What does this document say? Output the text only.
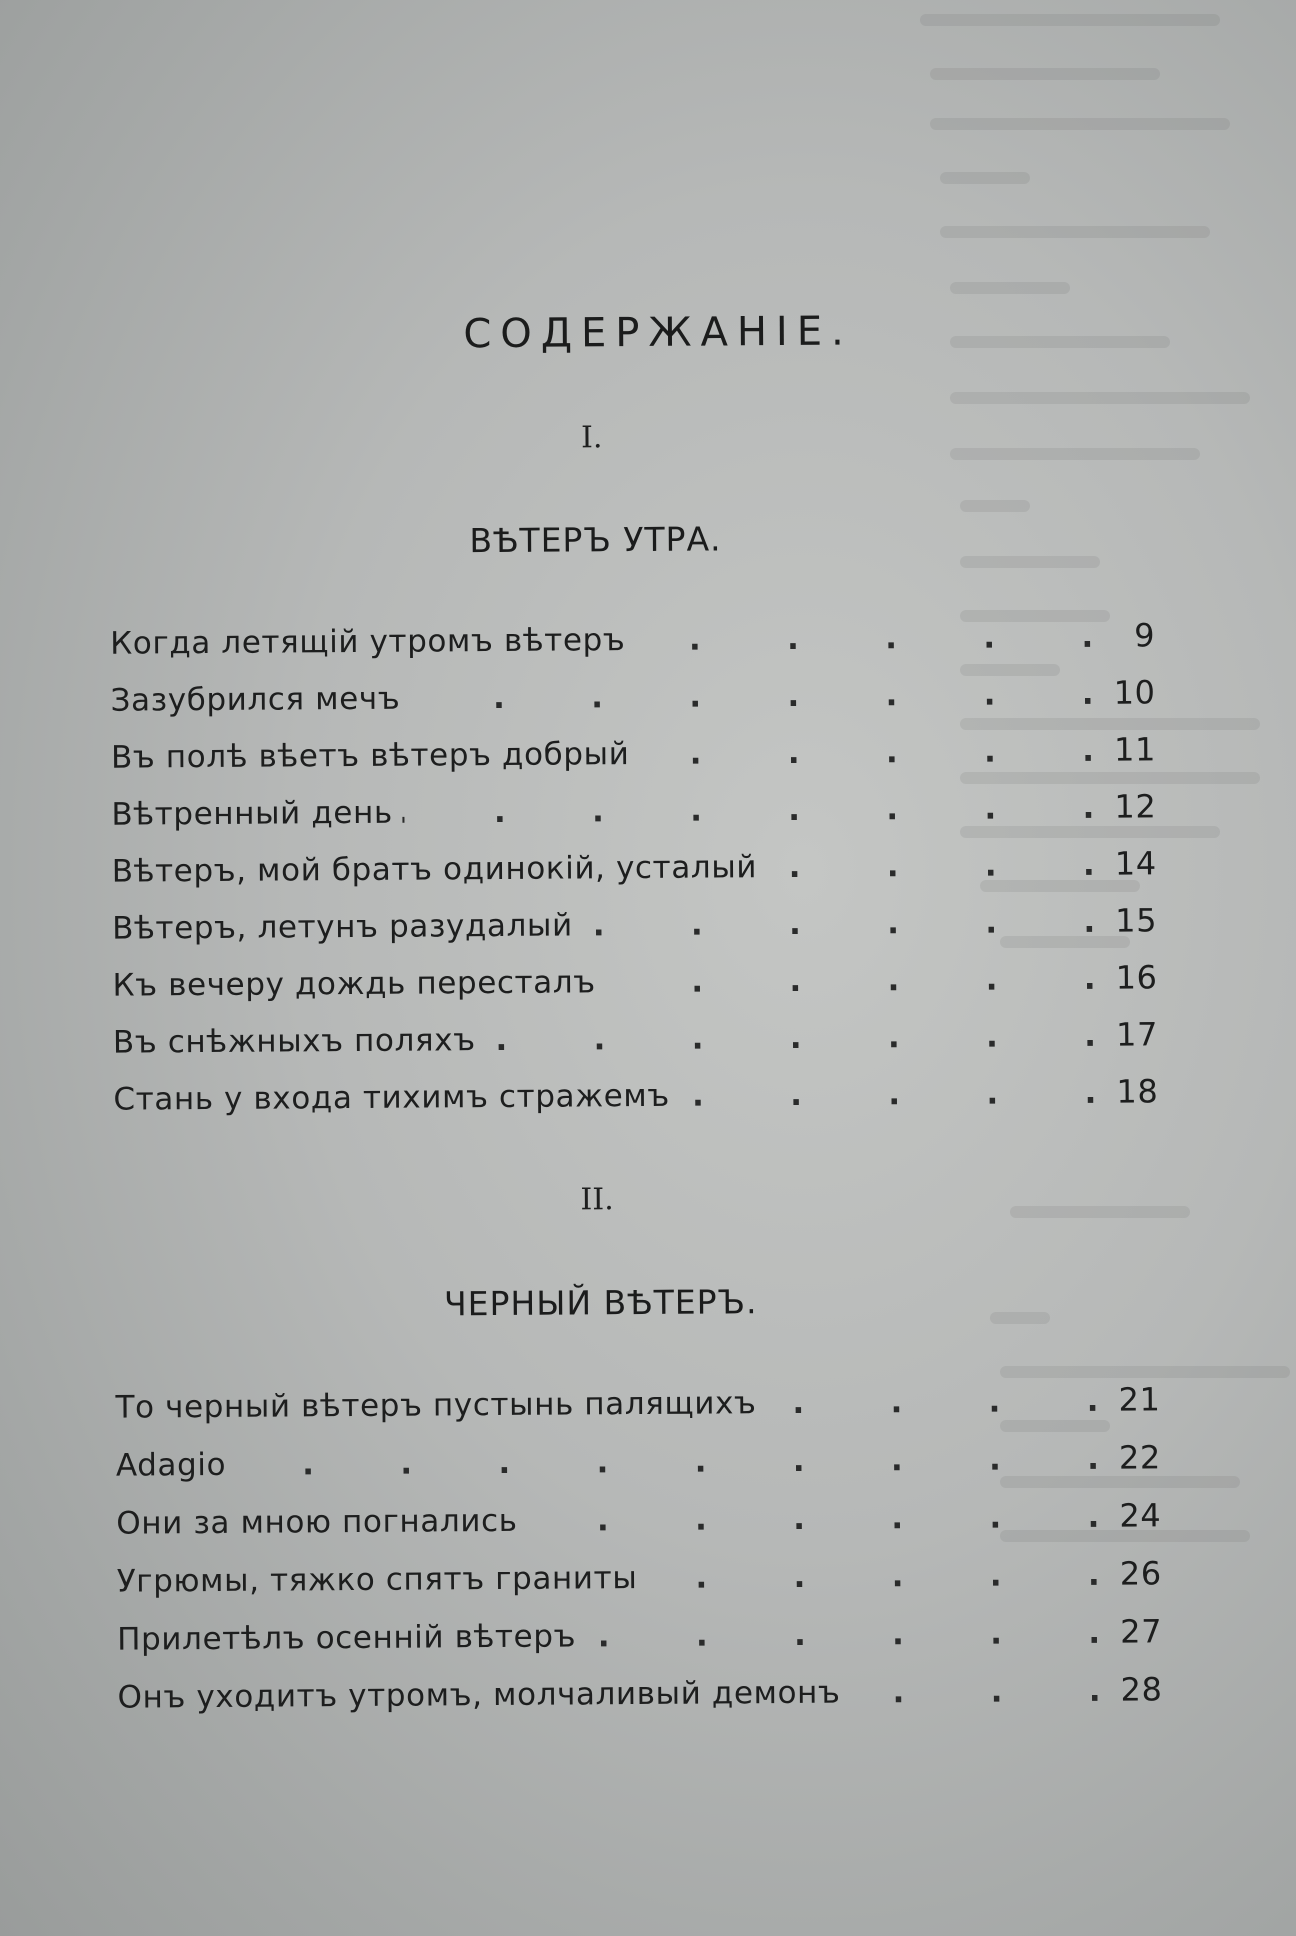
СОДЕРЖАНІЕ.
I.
ВѢТЕРЪ УТРА.
Когда летящій утромъ вѣтеръ .	9
Зазубрился мечъ .	10
Въ полѣ вѣетъ вѣтеръ добрый .	11
Вѣтренный день .	12
Вѣтеръ, мой братъ одинокій, усталый .	14
Вѣтеръ, летунъ разудалый .	15
Къ вечеру дождь пересталъ .	16
Въ снѣжныхъ поляхъ .	17
Стань у входа тихимъ стражемъ .	18
II.
ЧЕРНЫЙ ВѢТЕРЪ.
То черный вѣтеръ пустынь палящихъ .	21
Adagio .	22
Они за мною погнались .	24
Угрюмы, тяжко спятъ граниты .	26
Прилетѣлъ осенній вѣтеръ .	27
Онъ уходитъ утромъ, молчаливый демонъ .	28
